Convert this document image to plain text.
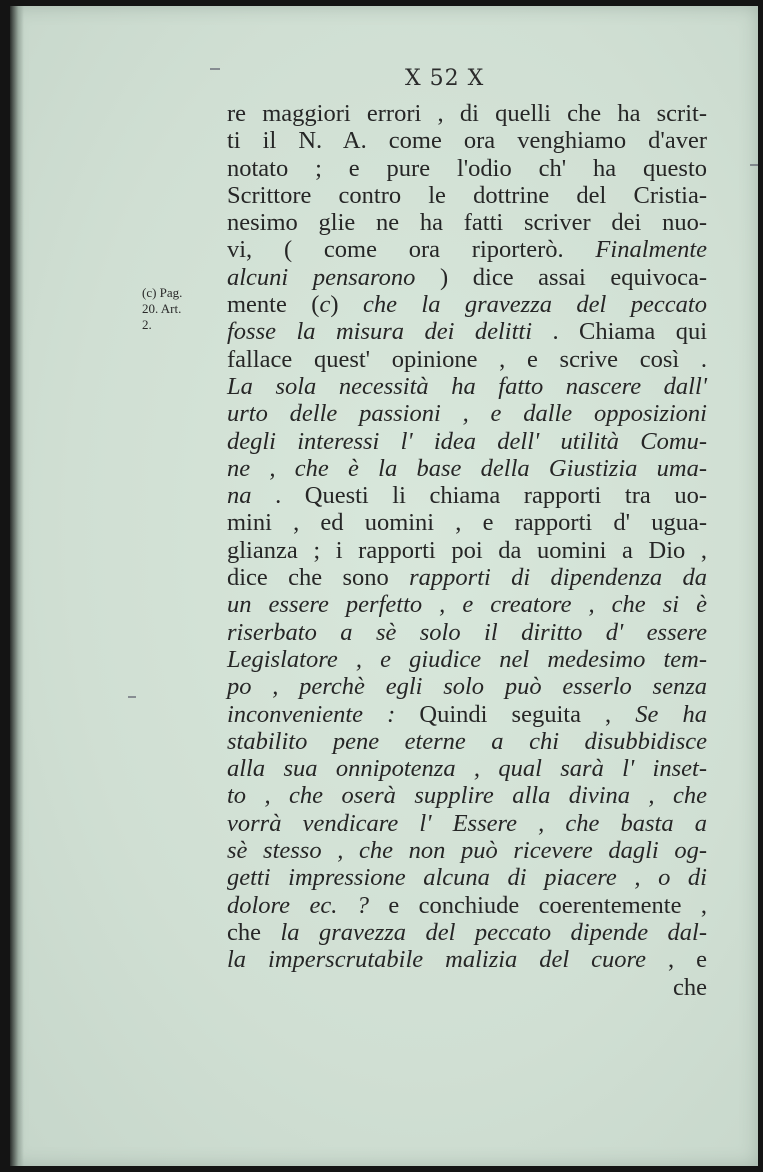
X 52 X
(c) Pag.
20. Art.
2.
re maggiori errori , di quelli che ha scrit-
ti il N. A. come ora venghiamo d'aver
notato ; e pure l'odio ch' ha questo
Scrittore contro le dottrine del Cristia-
nesimo glie ne ha fatti scriver dei nuo-
vi, ( come ora riporterò. Finalmente
alcuni pensarono ) dice assai equivoca-
mente (c) che la gravezza del peccato
fosse la misura dei delitti . Chiama qui
fallace quest' opinione , e scrive così .
La sola necessità ha fatto nascere dall'
urto delle passioni , e dalle opposizioni
degli interessi l' idea dell' utilità Comu-
ne , che è la base della Giustizia uma-
na . Questi li chiama rapporti tra uo-
mini , ed uomini , e rapporti d' ugua-
glianza ; i rapporti poi da uomini a Dio ,
dice che sono rapporti di dipendenza da
un essere perfetto , e creatore , che si è
riserbato a sè solo il diritto d' essere
Legislatore , e giudice nel medesimo tem-
po , perchè egli solo può esserlo senza
inconveniente : Quindi seguita , Se ha
stabilito pene eterne a chi disubbidisce
alla sua onnipotenza , qual sarà l' inset-
to , che oserà supplire alla divina , che
vorrà vendicare l' Essere , che basta a
sè stesso , che non può ricevere dagli og-
getti impressione alcuna di piacere , o di
dolore ec. ? e conchiude coerentemente ,
che la gravezza del peccato dipende dal-
la imperscrutabile malizia del cuore , e
che
